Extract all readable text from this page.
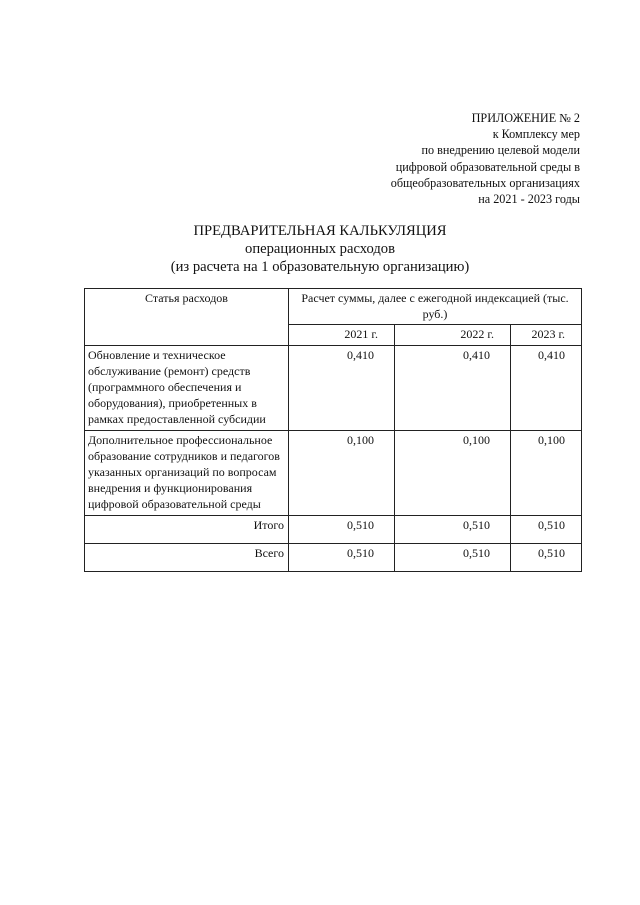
ПРИЛОЖЕНИЕ № 2
к Комплексу мер
по внедрению целевой модели
цифровой образовательной среды в
общеобразовательных организациях
на 2021 - 2023 годы
ПРЕДВАРИТЕЛЬНАЯ КАЛЬКУЛЯЦИЯ
операционных расходов
(из расчета на 1 образовательную организацию)
Статья расходов	Расчет суммы, далее с ежегодной индексацией (тыс. руб.)		
	2021 г.	2022 г.	2023 г.
Обновление и техническое обслуживание (ремонт) средств (программного обеспечения и оборудования), приобретенных в рамках предоставленной субсидии	0,410	0,410	0,410
Дополнительное профессиональное образование сотрудников и педагогов указанных организаций по вопросам внедрения и функционирования цифровой образовательной среды	0,100	0,100	0,100
Итого	0,510	0,510	0,510
Всего	0,510	0,510	0,510
